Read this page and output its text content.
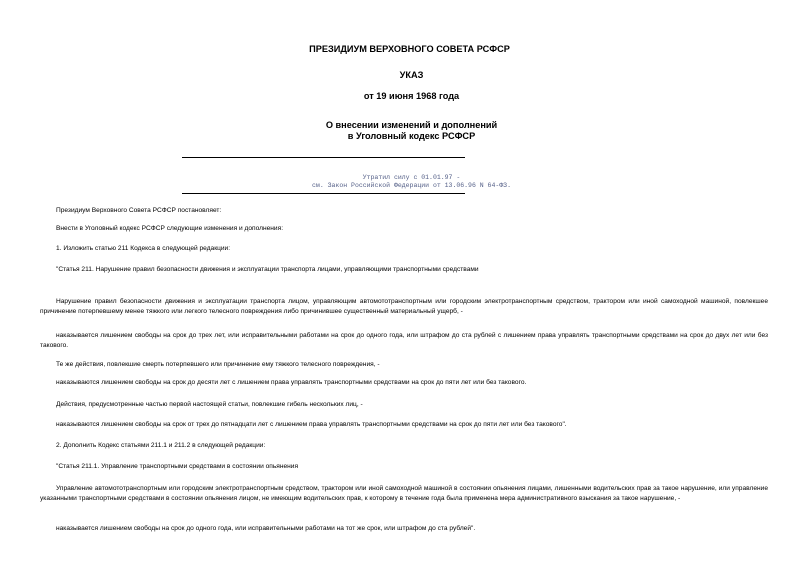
ПРЕЗИДИУМ ВЕРХОВНОГО СОВЕТА РСФСР
УКАЗ
от 19 июня 1968 года
О внесении изменений и дополнений
в Уголовный кодекс РСФСР
Утратил силу с 01.01.97 -
см. Закон Российской Федерации от 13.06.96 N 64-ФЗ.
Президиум Верховного Совета РСФСР постановляет:
Внести в Уголовный кодекс РСФСР следующие изменения и дополнения:
1. Изложить статью 211 Кодекса в следующей редакции:
"Статья 211. Нарушение правил безопасности движения и эксплуатации транспорта лицами, управляющими транспортными средствами
Нарушение правил безопасности движения и эксплуатации транспорта лицом, управляющим автомототранспортным или городским электротранспортным средством, трактором или иной самоходной машиной, повлекшее причинение потерпевшему менее тяжкого или легкого телесного повреждения либо причинившее существенный материальный ущерб, -
наказывается лишением свободы на срок до трех лет, или исправительными работами на срок до одного года, или штрафом до ста рублей с лишением права управлять транспортными средствами на срок до двух лет или без такового.
Те же действия, повлекшие смерть потерпевшего или причинение ему тяжкого телесного повреждения, -
наказываются лишением свободы на срок до десяти лет с лишением права управлять транспортными средствами на срок до пяти лет или без такового.
Действия, предусмотренные частью первой настоящей статьи, повлекшие гибель нескольких лиц, -
наказываются лишением свободы на срок от трех до пятнадцати лет с лишением права управлять транспортными средствами на срок до пяти лет или без такового".
2. Дополнить Кодекс статьями 211.1 и 211.2 в следующей редакции:
"Статья 211.1. Управление транспортными средствами в состоянии опьянения
Управление автомототранспортным или городским электротранспортным средством, трактором или иной самоходной машиной в состоянии опьянения лицами, лишенными водительских прав за такое нарушение, или управление указанными транспортными средствами в состоянии опьянения лицом, не имеющим водительских прав, к которому в течение года была применена мера административного взыскания за такое нарушение, -
наказывается лишением свободы на срок до одного года, или исправительными работами на тот же срок, или штрафом до ста рублей".
